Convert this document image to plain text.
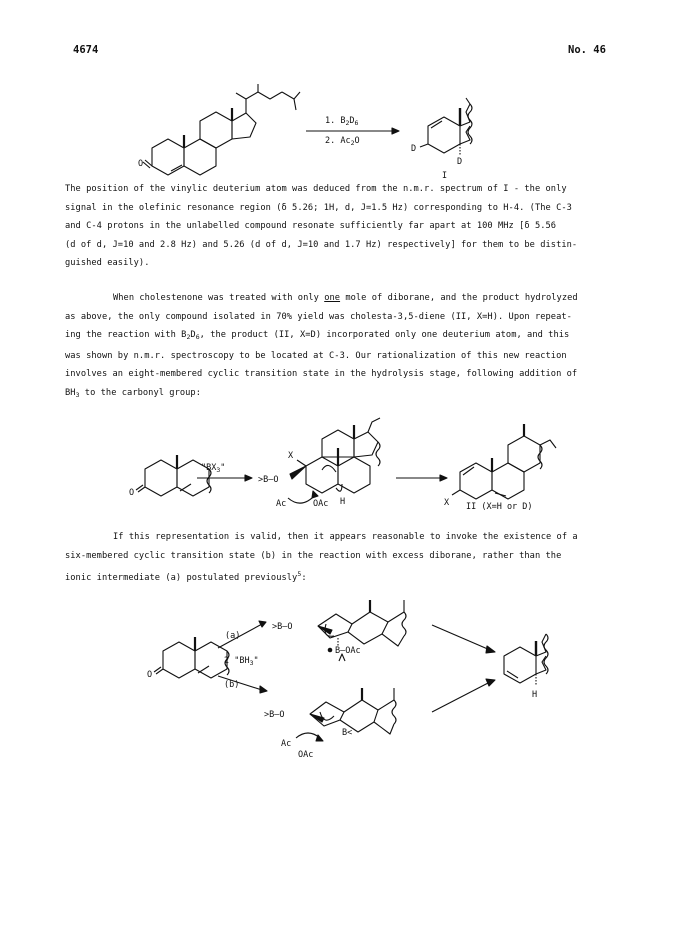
4674	No. 46
O
1. $B_2D_6$
2. $Ac_2O$
D
D
I
O
"$BX_3$"
>B—O
X
H
Ac	OAc	X II (X=H or D)
O
(a)
2 "$BH_3$"
(b)
>B—O
B—OAc
>B—O
B<
Ac
OAc
H
The position of the vinylic deuterium atom was deduced from the n.m.r. spectrum of I - the only
signal in the olefinic resonance region (δ 5.26; 1H, d, J=1.5 Hz) corresponding to H-4. (The C-3
and C-4 protons in the unlabelled compound resonate sufficiently far apart at 100 MHz [δ 5.56
(d of d, J=10 and 2.8 Hz) and 5.26 (d of d, J=10 and 1.7 Hz) respectively] for them to be distin-
guished easily).
When cholestenone was treated with only one mole of diborane, and the product hydrolyzed
as above, the only compound isolated in 70% yield was cholesta-3,5-diene (II, X=H). Upon repeat-
ing the reaction with $B_2D_6$, the product (II, X=D) incorporated only one deuterium atom, and this
was shown by n.m.r. spectroscopy to be located at C-3. Our rationalization of this new reaction
involves an eight-membered cyclic transition state in the hydrolysis stage, following addition of
$BH_3$ to the carbonyl group:
If this representation is valid, then it appears reasonable to invoke the existence of a
six-membered cyclic transition state (b) in the reaction with excess diborane, rather than the
ionic intermediate (a) postulated previously$^5$:
